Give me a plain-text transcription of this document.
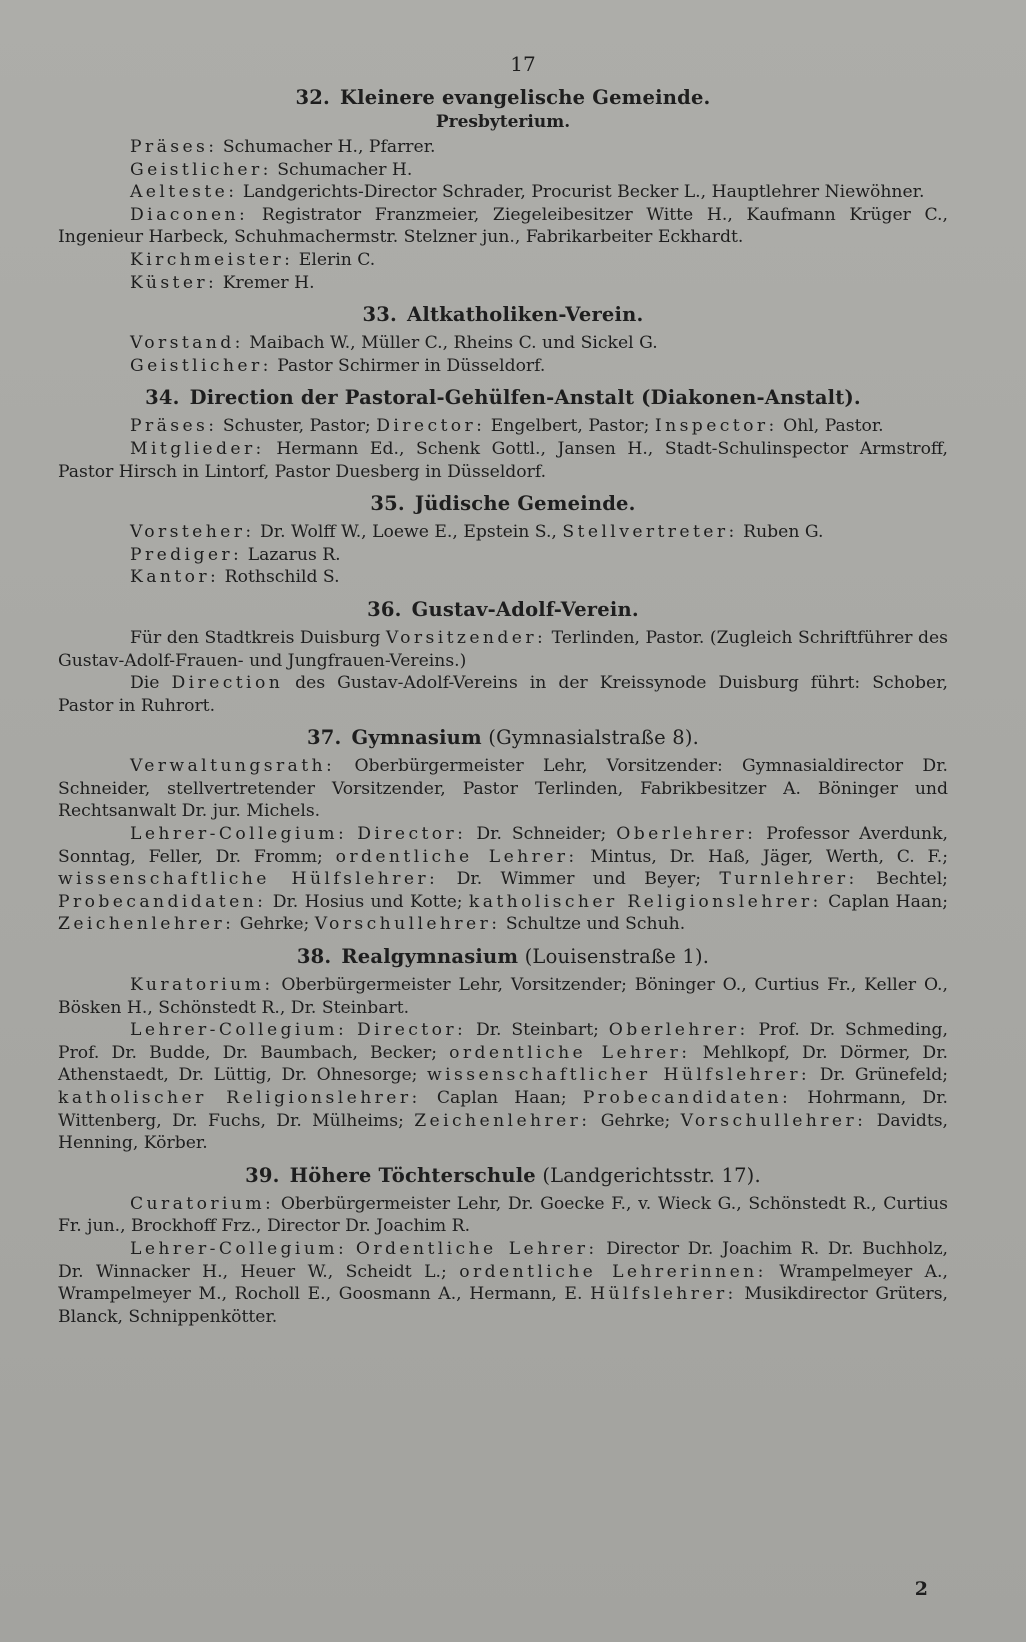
17
32. Kleinere evangelische Gemeinde.
Presbyterium.

Präses: Schumacher H., Pfarrer.

Geistlicher: Schumacher H.

Aelteste: Landgerichts-Director Schrader, Procurist Becker L., Hauptlehrer Niewöhner.

Diaconen: Registrator Franzmeier, Ziegeleibesitzer Witte H., Kaufmann Krüger C., Ingenieur Harbeck, Schuhmachermstr. Stelzner jun., Fabrikarbeiter Eckhardt.

Kirchmeister: Elerin C.

Küster: Kremer H.

33. Altkatholiken-Verein.

Vorstand: Maibach W., Müller C., Rheins C. und Sickel G.

Geistlicher: Pastor Schirmer in Düsseldorf.

34. Direction der Pastoral-Gehülfen-Anstalt (Diakonen-Anstalt).

Präses: Schuster, Pastor; Director: Engelbert, Pastor; Inspector: Ohl, Pastor.

Mitglieder: Hermann Ed., Schenk Gottl., Jansen H., Stadt-Schulinspector Armstroff, Pastor Hirsch in Lintorf, Pastor Duesberg in Düsseldorf.

35. Jüdische Gemeinde.

Vorsteher: Dr. Wolff W., Loewe E., Epstein S., Stellvertreter: Ruben G.

Prediger: Lazarus R.

Kantor: Rothschild S.

36. Gustav-Adolf-Verein.

Für den Stadtkreis Duisburg Vorsitzender: Terlinden, Pastor. (Zugleich Schriftführer des Gustav-Adolf-Frauen- und Jungfrauen-Vereins.)

Die Direction des Gustav-Adolf-Vereins in der Kreissynode Duisburg führt: Schober, Pastor in Ruhrort.

37. Gymnasium (Gymnasialstraße 8).

Verwaltungsrath: Oberbürgermeister Lehr, Vorsitzender: Gymnasialdirector Dr. Schneider, stellvertretender Vorsitzender, Pastor Terlinden, Fabrikbesitzer A. Böninger und Rechtsanwalt Dr. jur. Michels.

Lehrer-Collegium: Director: Dr. Schneider; Oberlehrer: Professor Averdunk, Sonntag, Feller, Dr. Fromm; ordentliche Lehrer: Mintus, Dr. Haß, Jäger, Werth, C. F.; wissenschaftliche Hülfslehrer: Dr. Wimmer und Beyer; Turnlehrer: Bechtel; Probecandidaten: Dr. Hosius und Kotte; katholischer Religionslehrer: Caplan Haan; Zeichenlehrer: Gehrke; Vorschullehrer: Schultze und Schuh.

38. Realgymnasium (Louisenstraße 1).

Kuratorium: Oberbürgermeister Lehr, Vorsitzender; Böninger O., Curtius Fr., Keller O., Bösken H., Schönstedt R., Dr. Steinbart.

Lehrer-Collegium: Director: Dr. Steinbart; Oberlehrer: Prof. Dr. Schmeding, Prof. Dr. Budde, Dr. Baumbach, Becker; ordentliche Lehrer: Mehlkopf, Dr. Dörmer, Dr. Athenstaedt, Dr. Lüttig, Dr. Ohnesorge; wissenschaftlicher Hülfslehrer: Dr. Grünefeld; katholischer Religionslehrer: Caplan Haan; Probecandidaten: Hohrmann, Dr. Wittenberg, Dr. Fuchs, Dr. Mülheims; Zeichenlehrer: Gehrke; Vorschullehrer: Davidts, Henning, Körber.

39. Höhere Töchterschule (Landgerichtsstr. 17).

Curatorium: Oberbürgermeister Lehr, Dr. Goecke F., v. Wieck G., Schönstedt R., Curtius Fr. jun., Brockhoff Frz., Director Dr. Joachim R.

Lehrer-Collegium: Ordentliche Lehrer: Director Dr. Joachim R. Dr. Buchholz, Dr. Winnacker H., Heuer W., Scheidt L.; ordentliche Lehrerinnen: Wrampelmeyer A., Wrampelmeyer M., Rocholl E., Goosmann A., Hermann, E. Hülfslehrer: Musikdirector Grüters, Blanck, Schnippenkötter.

2
